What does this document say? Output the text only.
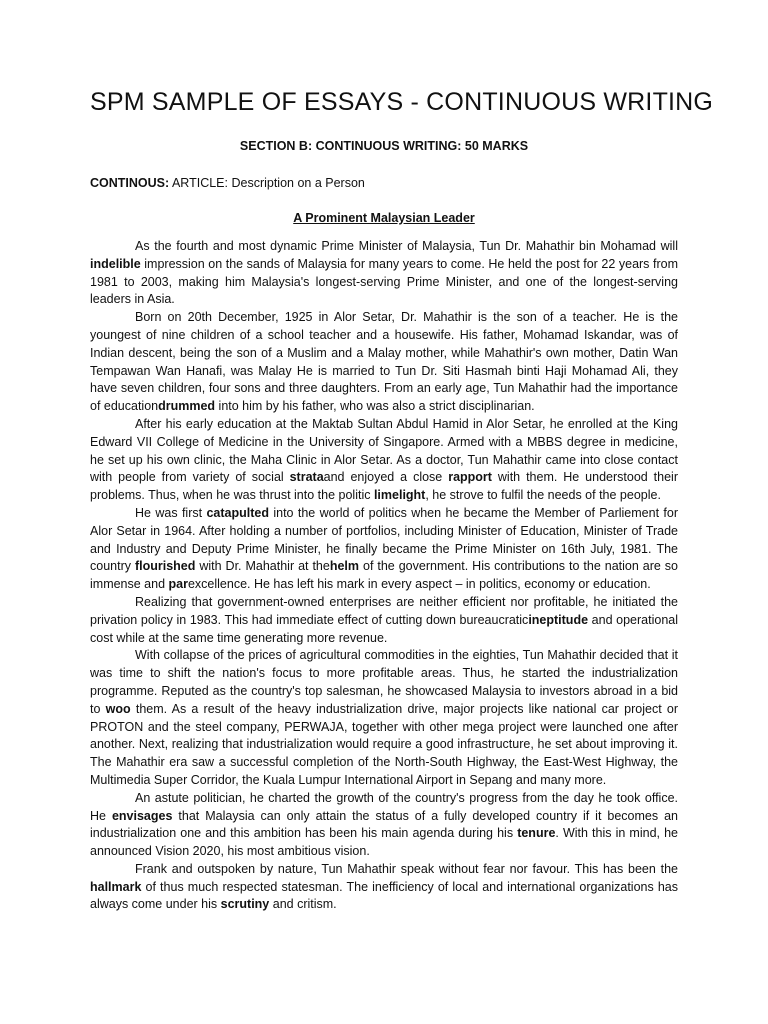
SPM SAMPLE OF ESSAYS - CONTINUOUS WRITING
SECTION B: CONTINUOUS WRITING: 50 MARKS
CONTINOUS: ARTICLE: Description on a Person
A Prominent Malaysian Leader

As the fourth and most dynamic Prime Minister of Malaysia, Tun Dr. Mahathir bin Mohamad will indelible impression on the sands of Malaysia for many years to come. He held the post for 22 years from 1981 to 2003, making him Malaysia's longest-serving Prime Minister, and one of the longest-serving leaders in Asia.

Born on 20th December, 1925 in Alor Setar, Dr. Mahathir is the son of a teacher. He is the youngest of nine children of a school teacher and a housewife. His father, Mohamad Iskandar, was of Indian descent, being the son of a Muslim and a Malay mother, while Mahathir's own mother, Datin Wan Tempawan Wan Hanafi, was Malay He is married to Tun Dr. Siti Hasmah binti Haji Mohamad Ali, they have seven children, four sons and three daughters. From an early age, Tun Mahathir had the importance of educationdrummed into him by his father, who was also a strict disciplinarian.

After his early education at the Maktab Sultan Abdul Hamid in Alor Setar, he enrolled at the King Edward VII College of Medicine in the University of Singapore. Armed with a MBBS degree in medicine, he set up his own clinic, the Maha Clinic in Alor Setar. As a doctor, Tun Mahathir came into close contact with people from variety of social strataand enjoyed a close rapport with them. He understood their problems. Thus, when he was thrust into the politic limelight, he strove to fulfil the needs of the people.

He was first catapulted into the world of politics when he became the Member of Parliement for Alor Setar in 1964. After holding a number of portfolios, including Minister of Education, Minister of Trade and Industry and Deputy Prime Minister, he finally became the Prime Minister on 16th July, 1981. The country flourished with Dr. Mahathir at thehelm of the government. His contributions to the nation are so immense and parexcellence. He has left his mark in every aspect – in politics, economy or education.

Realizing that government-owned enterprises are neither efficient nor profitable, he initiated the privation policy in 1983. This had immediate effect of cutting down bureaucraticineptitude and operational cost while at the same time generating more revenue.

With collapse of the prices of agricultural commodities in the eighties, Tun Mahathir decided that it was time to shift the nation's focus to more profitable areas. Thus, he started the industrialization programme. Reputed as the country's top salesman, he showcased Malaysia to investors abroad in a bid to woo them. As a result of the heavy industrialization drive, major projects like national car project or PROTON and the steel company, PERWAJA, together with other mega project were launched one after another. Next, realizing that industrialization would require a good infrastructure, he set about improving it. The Mahathir era saw a successful completion of the North-South Highway, the East-West Highway, the Multimedia Super Corridor, the Kuala Lumpur International Airport in Sepang and many more.

An astute politician, he charted the growth of the country's progress from the day he took office. He envisages that Malaysia can only attain the status of a fully developed country if it becomes an industrialization one and this ambition has been his main agenda during his tenure. With this in mind, he announced Vision 2020, his most ambitious vision.

Frank and outspoken by nature, Tun Mahathir speak without fear nor favour. This has been the hallmark of thus much respected statesman. The inefficiency of local and international organizations has always come under his scrutiny and critism.
